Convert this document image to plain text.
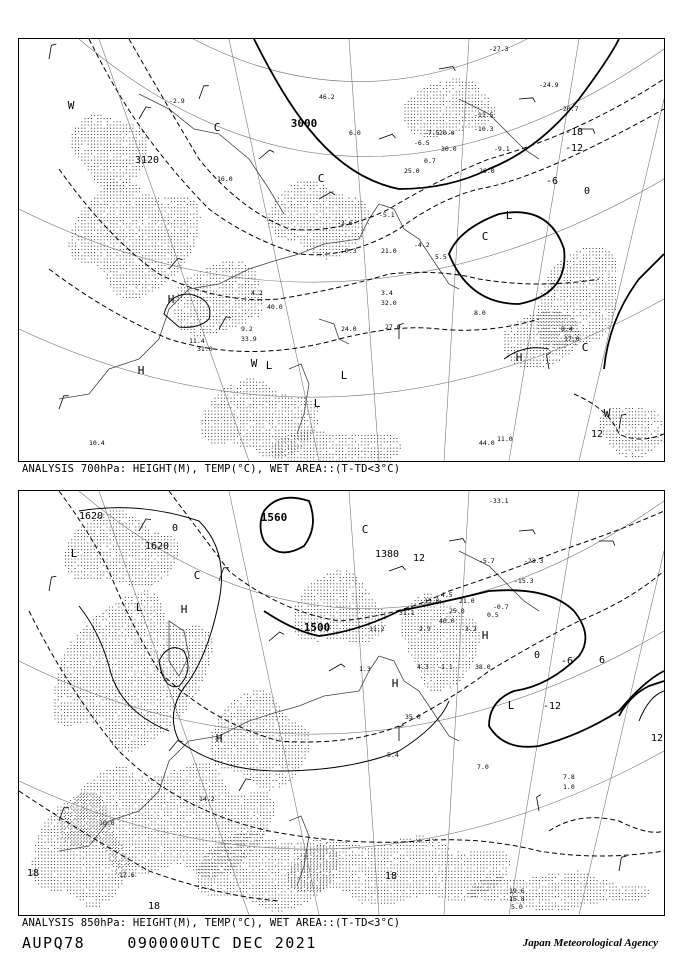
-27.3
-24.9
-20.7
-11.5
-10.3
-9.1
-7.5
-6.5
-5.1
-4.2
-3.6
-2.9
-0.3
0.7
3.4
4.2
5.5
8.0
8.4
9.2
10.4	11.0
11.4
16.0
17.0
20.0
21.0
24.0
25.0	26.0
27.0
30.0
31.0
32.0
33.9
40.0
44.0
46.2
6.0
3000
3120
-18
-12
-6
0
12
L
L
L
L
H
H
H
W
W
W
C
C
C
C
ANALYSIS 700hPa: HEIGHT(M), TEMP(°C), WET AREA::(T-TD<3°C)
-33.1
-23.3
-15.3
-5.7
-4.5
-3.2
-1.1
-0.7
0.5
1.3
2.9
4.3
5.4
7.0
7.8
10.6
11.2
13.0
14.2
15.8
17.6
19.6
21.0
25.0
31.1
35.0
38.0
40.0
1.0
5.0
1500
1560
1620
1620
1380
-12
-6
0
0
6
12
12
18	18
18
L
L
L
H
H
H
H
C
C
ANALYSIS 850hPa: HEIGHT(M), TEMP(°C), WET AREA::(T-TD<3°C)
AUPQ78	090000UTC DEC 2021	Japan Meteorological Agency
